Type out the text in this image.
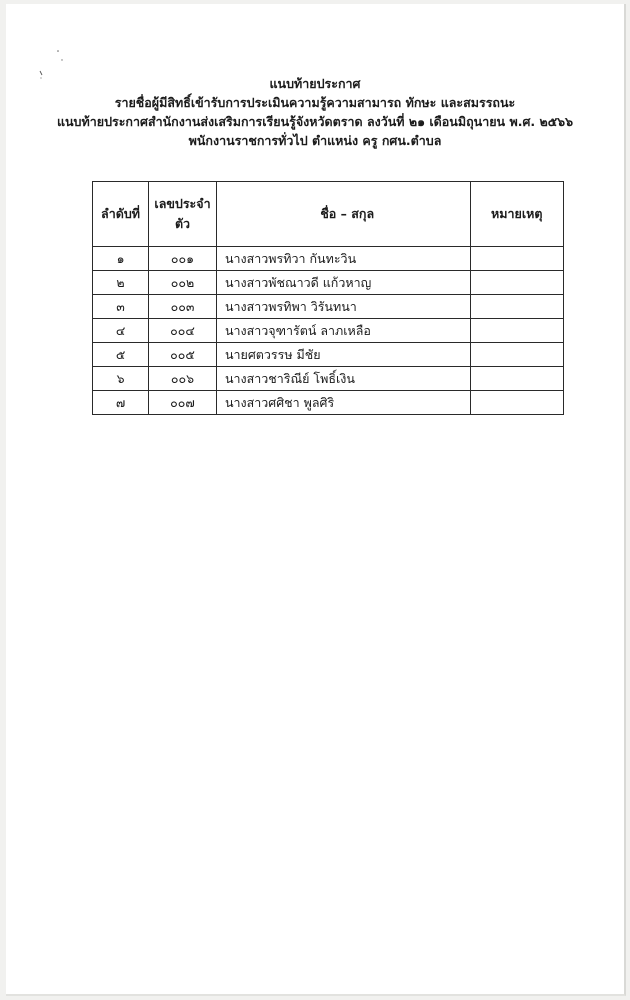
แนบท้ายประกาศ
รายชื่อผู้มีสิทธิ์เข้ารับการประเมินความรู้ความสามารถ ทักษะ และสมรรถนะ
แนบท้ายประกาศสำนักงานส่งเสริมการเรียนรู้จังหวัดตราด ลงวันที่ ๒๑ เดือนมิถุนายน พ.ศ. ๒๕๖๖
พนักงานราชการทั่วไป ตำแหน่ง ครู กศน.ตำบล
ลำดับที่	เลขประจำตัว	ชื่อ – สกุล	หมายเหตุ
๑	๐๐๑	นางสาวพรทิวา กันทะวิน	
๒	๐๐๒	นางสาวพัชณาวดี แก้วหาญ	
๓	๐๐๓	นางสาวพรทิพา วิรันทนา	
๔	๐๐๔	นางสาวจุฑารัตน์ ลาภเหลือ	
๕	๐๐๕	นายศตวรรษ มีชัย	
๖	๐๐๖	นางสาวชาริณีย์ โพธิ์เงิน	
๗	๐๐๗	นางสาวศศิชา พูลศิริ	
